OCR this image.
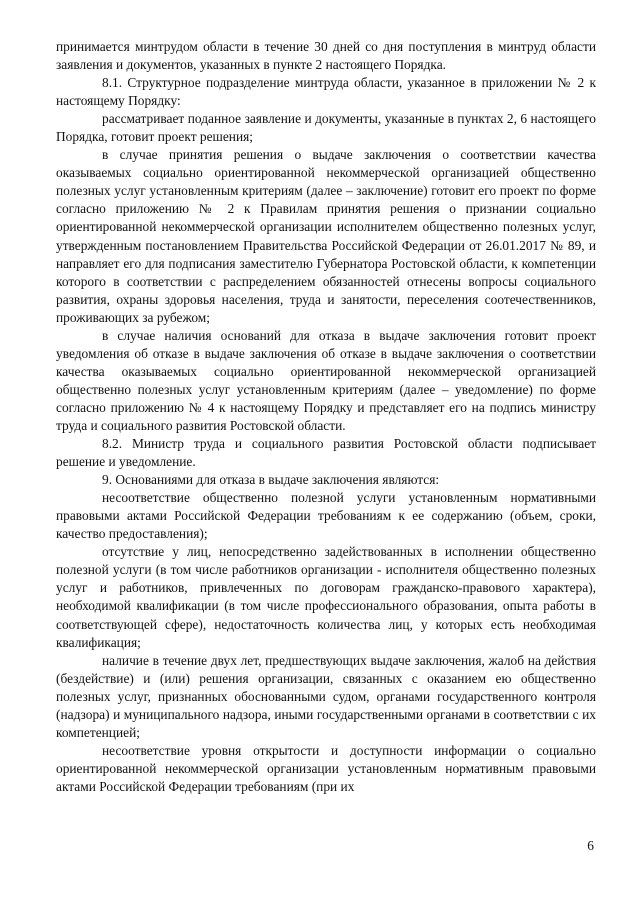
принимается минтрудом области в течение 30 дней со дня поступления в минтруд области заявления и документов, указанных в пункте 2 настоящего Порядка.

8.1. Структурное подразделение минтруда области, указанное в приложении № 2 к настоящему Порядку:

рассматривает поданное заявление и документы, указанные в пунктах 2, 6 настоящего Порядка, готовит проект решения;

в случае принятия решения о выдаче заключения о соответствии качества оказываемых социально ориентированной некоммерческой организацией общественно полезных услуг установленным критериям (далее – заключение) готовит его проект по форме согласно приложению № 2 к Правилам принятия решения о признании социально ориентированной некоммерческой организации исполнителем общественно полезных услуг, утвержденным постановлением Правительства Российской Федерации от 26.01.2017 № 89, и направляет его для подписания заместителю Губернатора Ростовской области, к компетенции которого в соответствии с распределением обязанностей отнесены вопросы социального развития, охраны здоровья населения, труда и занятости, переселения соотечественников, проживающих за рубежом;

в случае наличия оснований для отказа в выдаче заключения готовит проект уведомления об отказе в выдаче заключения об отказе в выдаче заключения о соответствии качества оказываемых социально ориентированной некоммерческой организацией общественно полезных услуг установленным критериям (далее – уведомление) по форме согласно приложению № 4 к настоящему Порядку и представляет его на подпись министру труда и социального развития Ростовской области.

8.2. Министр труда и социального развития Ростовской области подписывает решение и уведомление.

9. Основаниями для отказа в выдаче заключения являются:

несоответствие общественно полезной услуги установленным нормативными правовыми актами Российской Федерации требованиям к ее содержанию (объем, сроки, качество предоставления);

отсутствие у лиц, непосредственно задействованных в исполнении общественно полезной услуги (в том числе работников организации - исполнителя общественно полезных услуг и работников, привлеченных по договорам гражданско-правового характера), необходимой квалификации (в том числе профессионального образования, опыта работы в соответствующей сфере), недостаточность количества лиц, у которых есть необходимая квалификация;

наличие в течение двух лет, предшествующих выдаче заключения, жалоб на действия (бездействие) и (или) решения организации, связанных с оказанием ею общественно полезных услуг, признанных обоснованными судом, органами государственного контроля (надзора) и муниципального надзора, иными государственными органами в соответствии с их компетенцией;

несоответствие уровня открытости и доступности информации о социально ориентированной некоммерческой организации установленным нормативным правовыми актами Российской Федерации требованиям (при их

6
